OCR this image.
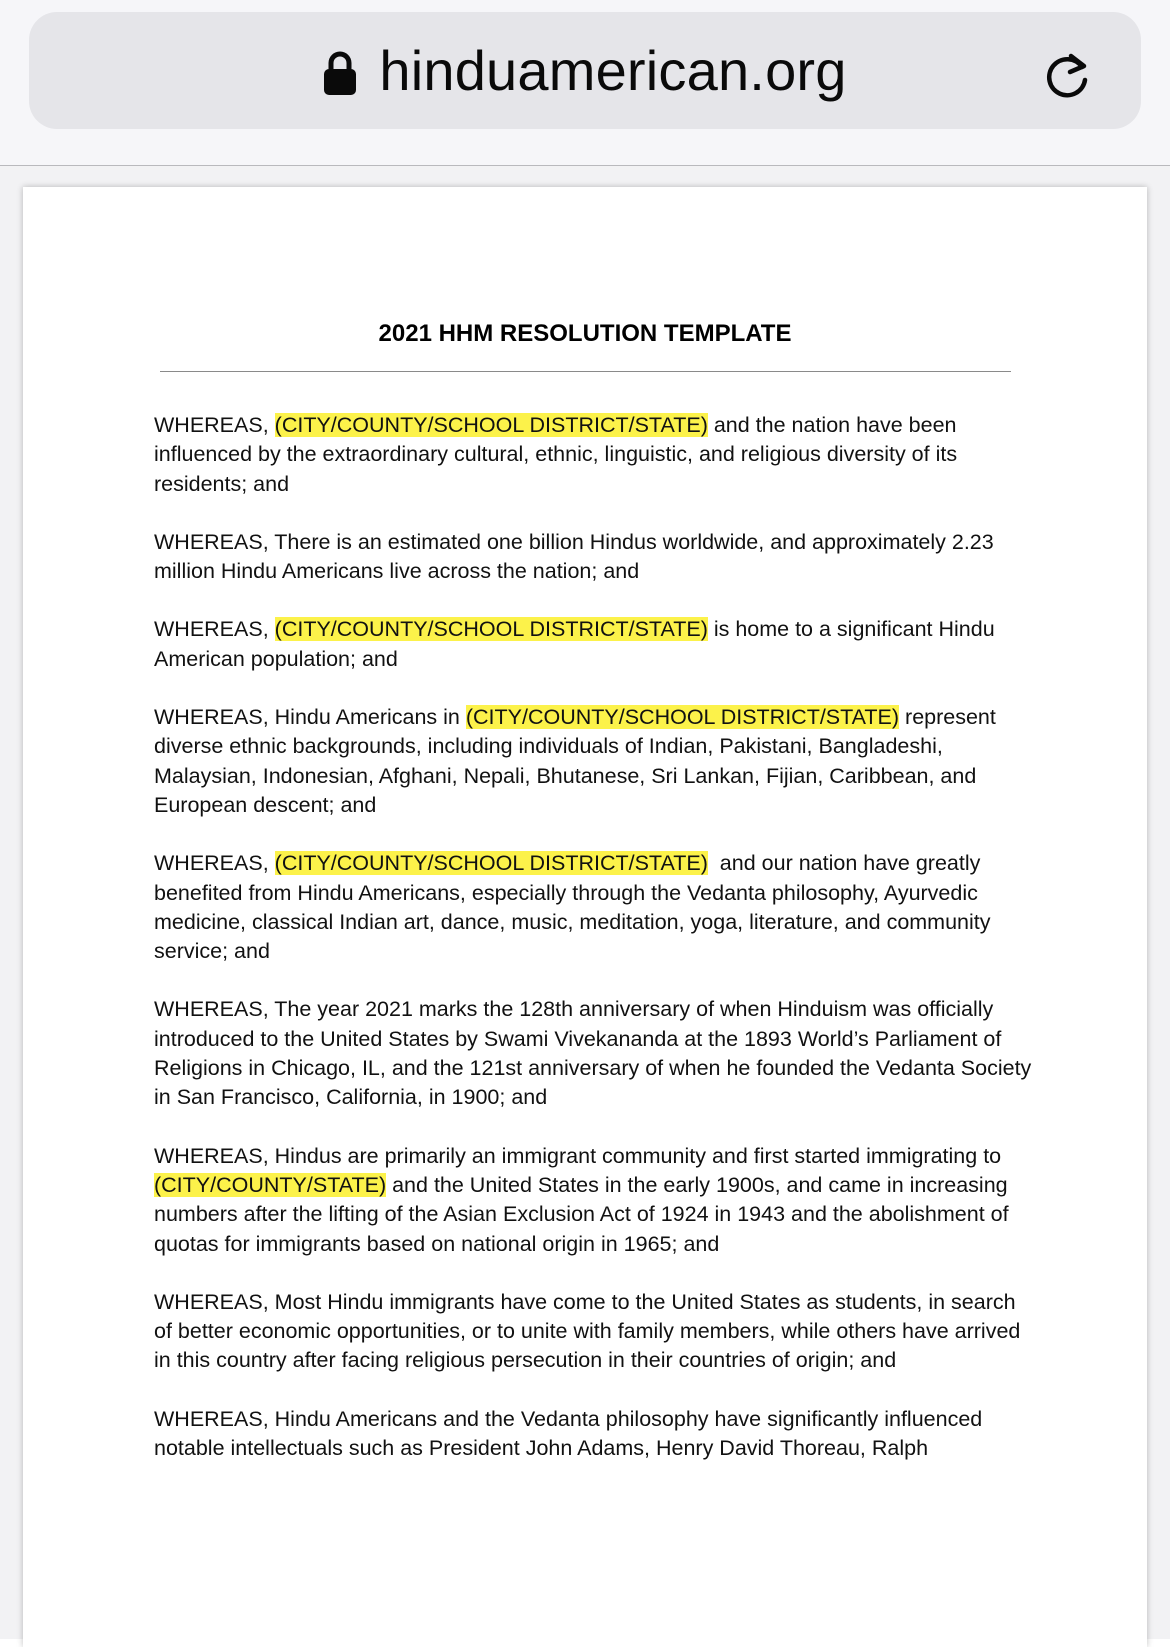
hinduamerican.org
2021 HHM RESOLUTION TEMPLATE

WHEREAS, (CITY/COUNTY/SCHOOL DISTRICT/STATE) and the nation have been influenced by the extraordinary cultural, ethnic, linguistic, and religious diversity of its residents; and

WHEREAS, There is an estimated one billion Hindus worldwide, and approximately 2.23 million Hindu Americans live across the nation; and

WHEREAS, (CITY/COUNTY/SCHOOL DISTRICT/STATE) is home to a significant Hindu American population; and

WHEREAS, Hindu Americans in (CITY/COUNTY/SCHOOL DISTRICT/STATE) represent diverse ethnic backgrounds, including individuals of Indian, Pakistani, Bangladeshi, Malaysian, Indonesian, Afghani, Nepali, Bhutanese, Sri Lankan, Fijian, Caribbean, and European descent; and

WHEREAS, (CITY/COUNTY/SCHOOL DISTRICT/STATE)  and our nation have greatly benefited from Hindu Americans, especially through the Vedanta philosophy, Ayurvedic medicine, classical Indian art, dance, music, meditation, yoga, literature, and community service; and

WHEREAS, The year 2021 marks the 128th anniversary of when Hinduism was officially introduced to the United States by Swami Vivekananda at the 1893 World’s Parliament of Religions in Chicago, IL, and the 121st anniversary of when he founded the Vedanta Society in San Francisco, California, in 1900; and

WHEREAS, Hindus are primarily an immigrant community and first started immigrating to (CITY/COUNTY/STATE) and the United States in the early 1900s, and came in increasing numbers after the lifting of the Asian Exclusion Act of 1924 in 1943 and the abolishment of quotas for immigrants based on national origin in 1965; and

WHEREAS, Most Hindu immigrants have come to the United States as students, in search of better economic opportunities, or to unite with family members, while others have arrived in this country after facing religious persecution in their countries of origin; and

WHEREAS, Hindu Americans and the Vedanta philosophy have significantly influenced notable intellectuals such as President John Adams, Henry David Thoreau, Ralph
